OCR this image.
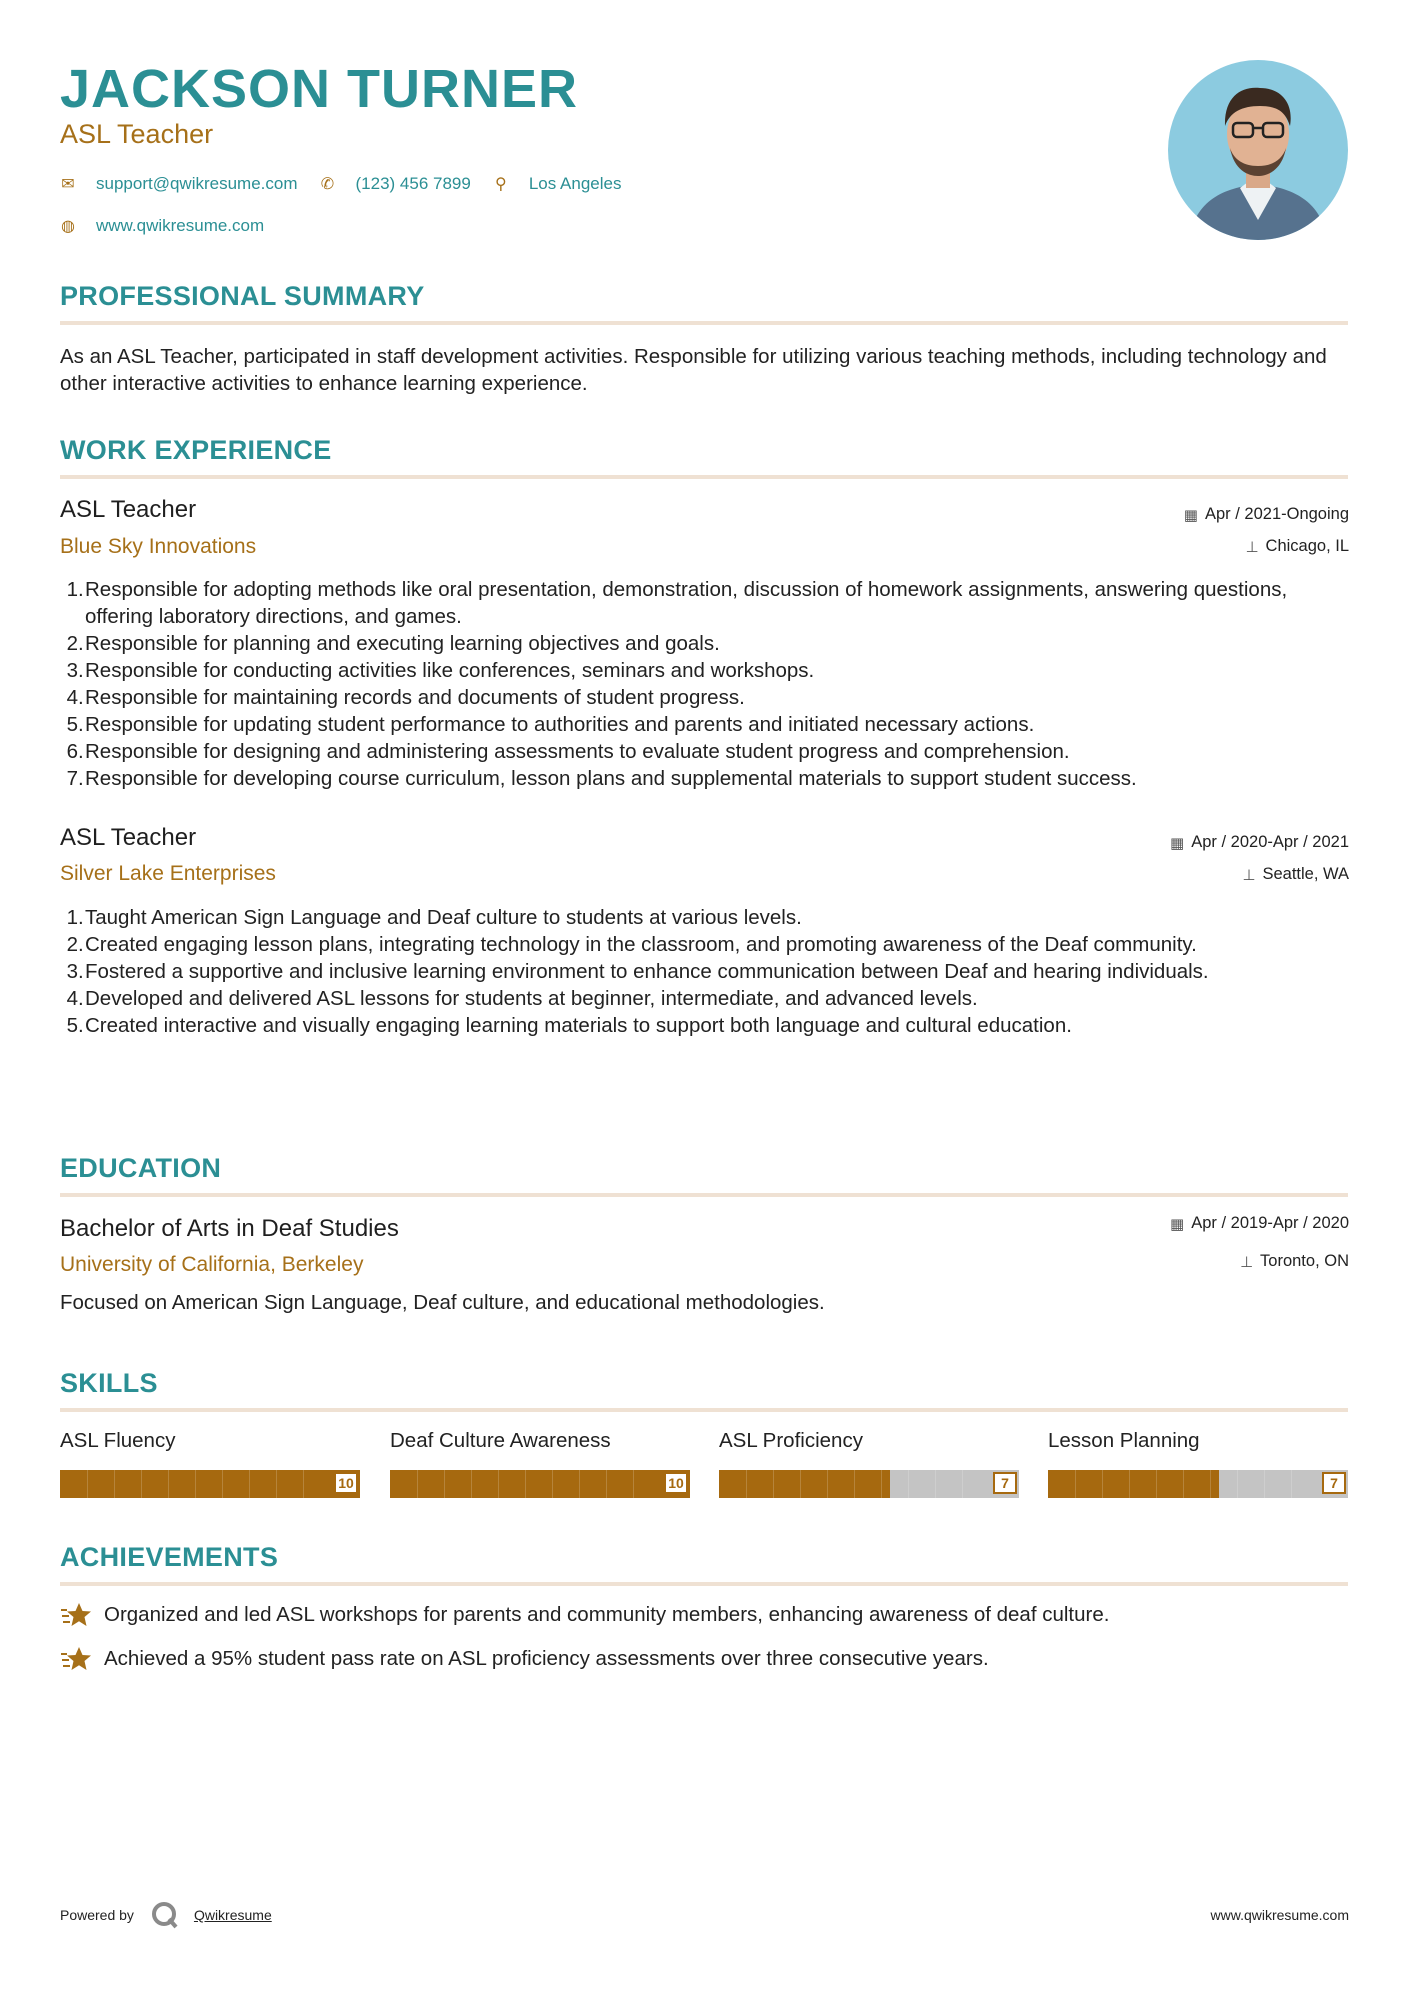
JACKSON TURNER
ASL Teacher
✉ support@qwikresume.com ✆ (123) 456 7899 ⚲ Los Angeles
◍ www.qwikresume.com
PROFESSIONAL SUMMARY

As an ASL Teacher, participated in staff development activities. Responsible for utilizing various teaching methods, including technology and other interactive activities to enhance learning experience.

WORK EXPERIENCE
ASL Teacher	▦ Apr / 2021-Ongoing
Blue Sky Innovations	⊥ Chicago, IL
1 . Responsible for adopting methods like oral presentation, demonstration, discussion of homework assignments, answering questions, offering laboratory directions, and games.
2 . Responsible for planning and executing learning objectives and goals.
3 . Responsible for conducting activities like conferences, seminars and workshops.
4 . Responsible for maintaining records and documents of student progress.
5 . Responsible for updating student performance to authorities and parents and initiated necessary actions.
6 . Responsible for designing and administering assessments to evaluate student progress and comprehension.
7 . Responsible for developing course curriculum, lesson plans and supplemental materials to support student success.
ASL Teacher	▦ Apr / 2020-Apr / 2021
Silver Lake Enterprises	⊥ Seattle, WA
1 . Taught American Sign Language and Deaf culture to students at various levels.
2 . Created engaging lesson plans, integrating technology in the classroom, and promoting awareness of the Deaf community.
3 . Fostered a supportive and inclusive learning environment to enhance communication between Deaf and hearing individuals.
4 . Developed and delivered ASL lessons for students at beginner, intermediate, and advanced levels.
5 . Created interactive and visually engaging learning materials to support both language and cultural education.
EDUCATION
Bachelor of Arts in Deaf Studies	▦ Apr / 2019-Apr / 2020
University of California, Berkeley	⊥ Toronto, ON

Focused on American Sign Language, Deaf culture, and educational methodologies.

SKILLS
ASL Fluency
10
Deaf Culture Awareness
10
ASL Proficiency
7
Lesson Planning
7
ACHIEVEMENTS
Organized and led ASL workshops for parents and community members, enhancing awareness of deaf culture.
Achieved a 95% student pass rate on ASL proficiency assessments over three consecutive years.
Powered by	Qwikresume	www.qwikresume.com
